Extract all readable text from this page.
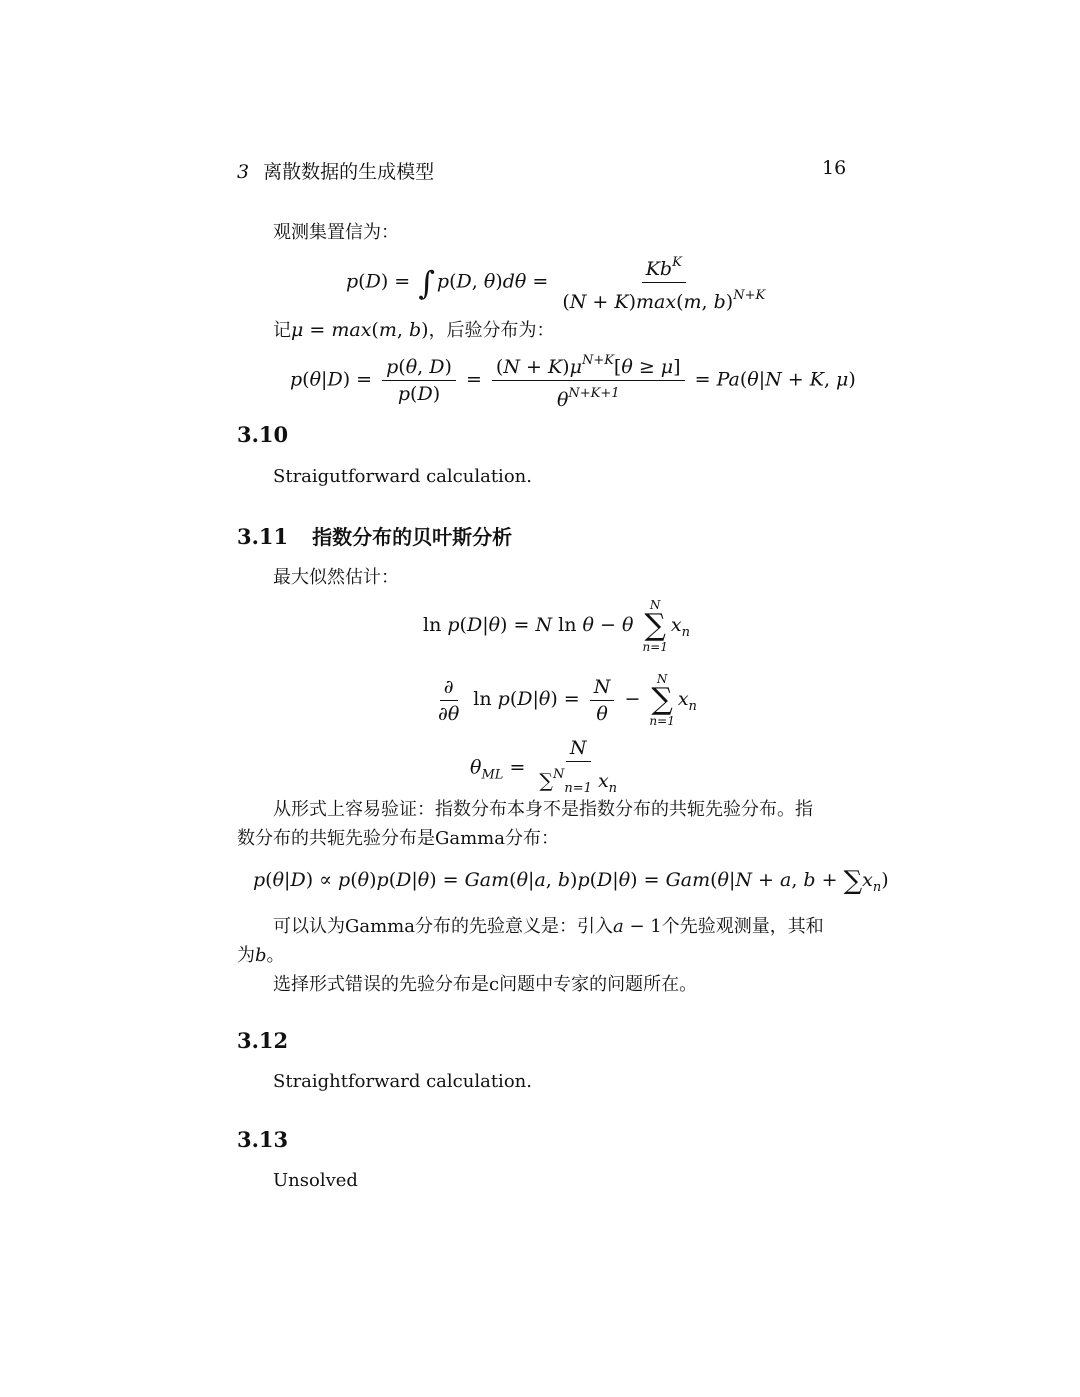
3 离散数据的生成模型	16
观测集置信为：
p(D) = ∫ p(D, $\theta)d\theta = \frac{Kb^K}{(N + K)\max(m, b)^{N+K}}$
记μ = max(m, b)，后验分布为：
$p(\theta|D) = \frac{p(\theta, D)}{p(D)} = \frac{(N + K)\mu^{N+K}[\theta \ge \mu]}{\theta^{N+K+1}} = Pa(\theta|N + K$, μ)
3.10
Straigutforward calculation.
3.11 指数分布的贝叶斯分析
最大似然估计：
ln p(D|θ) = N ln θ − θ
N
∑
n=1
$x_n$
$\frac{\partial}{\partial\theta}$ $\ln p(D|\theta) = \frac{N}{\theta}$ −
N
∑
n=1
$x_n$
$\theta_{ML} = \frac{N}{\sum^N_{n=1} x_n}$
从形式上容易验证：指数分布本身不是指数分布的共轭先验分布。指
数分布的共轭先验分布是Gamma分布：
p(θ|D) ∝ p(θ)p(D|θ) = Gam(θ|a, b)p(D|θ) = Gam(θ|N + a, $b + \sum x_n$)
可以认为Gamma分布的先验意义是：引入a − 1个先验观测量，其和
为b。
选择形式错误的先验分布是c问题中专家的问题所在。
3.12
Straightforward calculation.
3.13
Unsolved
